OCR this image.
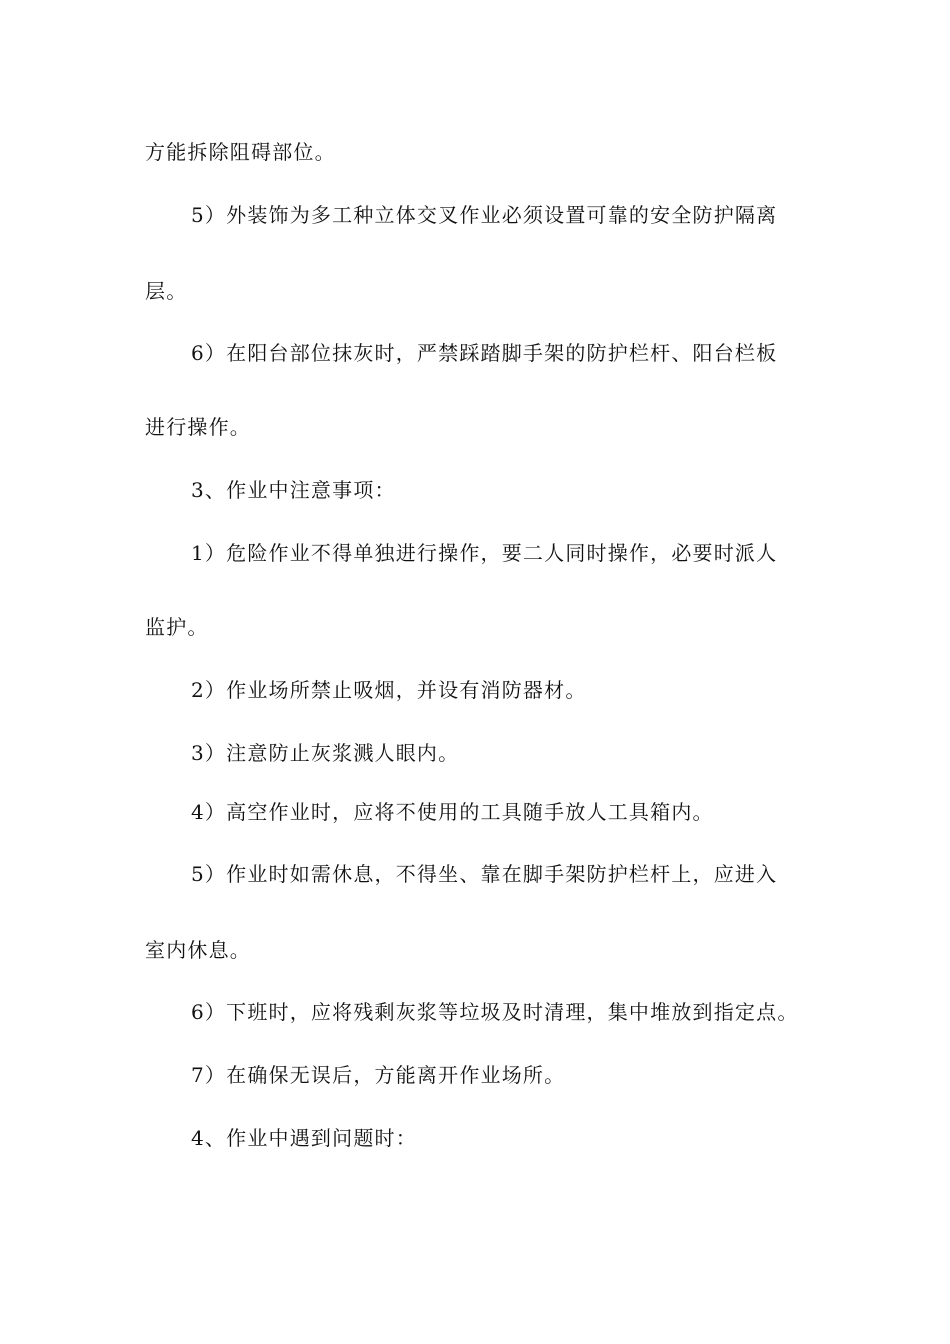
方能拆除阻碍部位。
5）外装饰为多工种立体交叉作业必须设置可靠的安全防护隔离
层。
6）在阳台部位抹灰时，严禁踩踏脚手架的防护栏杆、阳台栏板
进行操作。
3、作业中注意事项：
1）危险作业不得单独进行操作，要二人同时操作，必要时派人
监护。
2）作业场所禁止吸烟，并设有消防器材。
3）注意防止灰浆溅人眼内。
4）高空作业时，应将不使用的工具随手放人工具箱内。
5）作业时如需休息，不得坐、靠在脚手架防护栏杆上，应进入
室内休息。
6）下班时，应将残剩灰浆等垃圾及时清理，集中堆放到指定点。
7）在确保无误后，方能离开作业场所。
4、作业中遇到问题时：
